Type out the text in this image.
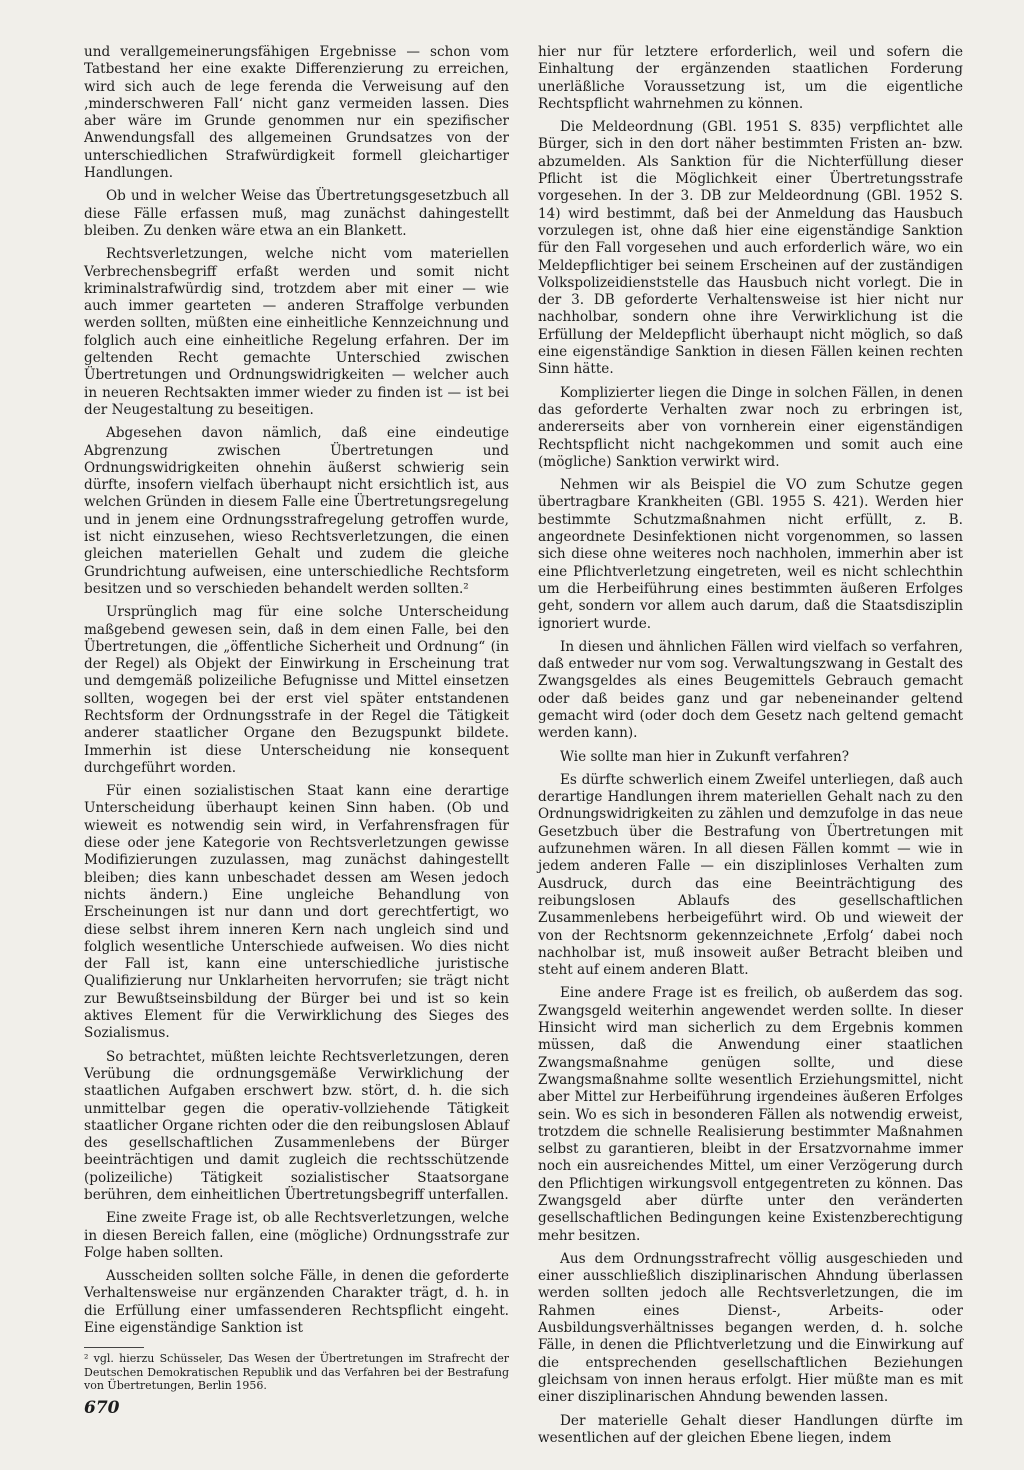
und verallgemeinerungsfähigen Ergebnisse — schon vom Tatbestand her eine exakte Differenzierung zu erreichen, wird sich auch de lege ferenda die Verweisung auf den ‚minderschweren Fall‘ nicht ganz vermeiden lassen. Dies aber wäre im Grunde genommen nur ein spezifischer Anwendungsfall des allgemeinen Grundsatzes von der unterschiedlichen Strafwürdigkeit formell gleichartiger Handlungen.

Ob und in welcher Weise das Übertretungsgesetzbuch all diese Fälle erfassen muß, mag zunächst dahingestellt bleiben. Zu denken wäre etwa an ein Blankett.

Rechtsverletzungen, welche nicht vom materiellen Verbrechensbegriff erfaßt werden und somit nicht kriminalstrafwürdig sind, trotzdem aber mit einer — wie auch immer gearteten — anderen Straffolge verbunden werden sollten, müßten eine einheitliche Kennzeichnung und folglich auch eine einheitliche Regelung erfahren. Der im geltenden Recht gemachte Unterschied zwischen Übertretungen und Ordnungswidrigkeiten — welcher auch in neueren Rechtsakten immer wieder zu finden ist — ist bei der Neugestaltung zu beseitigen.

Abgesehen davon nämlich, daß eine eindeutige Abgrenzung zwischen Übertretungen und Ordnungswidrigkeiten ohnehin äußerst schwierig sein dürfte, insofern vielfach überhaupt nicht ersichtlich ist, aus welchen Gründen in diesem Falle eine Übertretungsregelung und in jenem eine Ordnungsstrafregelung getroffen wurde, ist nicht einzusehen, wieso Rechtsverletzungen, die einen gleichen materiellen Gehalt und zudem die gleiche Grundrichtung aufweisen, eine unterschiedliche Rechtsform besitzen und so verschieden behandelt werden sollten.²

Ursprünglich mag für eine solche Unterscheidung maßgebend gewesen sein, daß in dem einen Falle, bei den Übertretungen, die „öffentliche Sicherheit und Ordnung“ (in der Regel) als Objekt der Einwirkung in Erscheinung trat und demgemäß polizeiliche Befugnisse und Mittel einsetzen sollten, wogegen bei der erst viel später entstandenen Rechtsform der Ordnungsstrafe in der Regel die Tätigkeit anderer staatlicher Organe den Bezugspunkt bildete. Immerhin ist diese Unterscheidung nie konsequent durchgeführt worden.

Für einen sozialistischen Staat kann eine derartige Unterscheidung überhaupt keinen Sinn haben. (Ob und wieweit es notwendig sein wird, in Verfahrensfragen für diese oder jene Kategorie von Rechtsverletzungen gewisse Modifizierungen zuzulassen, mag zunächst dahingestellt bleiben; dies kann unbeschadet dessen am Wesen jedoch nichts ändern.) Eine ungleiche Behandlung von Erscheinungen ist nur dann und dort gerechtfertigt, wo diese selbst ihrem inneren Kern nach ungleich sind und folglich wesentliche Unterschiede aufweisen. Wo dies nicht der Fall ist, kann eine unterschiedliche juristische Qualifizierung nur Unklarheiten hervorrufen; sie trägt nicht zur Bewußtseinsbildung der Bürger bei und ist so kein aktives Element für die Verwirklichung des Sieges des Sozialismus.

So betrachtet, müßten leichte Rechtsverletzungen, deren Verübung die ordnungsgemäße Verwirklichung der staatlichen Aufgaben erschwert bzw. stört, d. h. die sich unmittelbar gegen die operativ-vollziehende Tätigkeit staatlicher Organe richten oder die den reibungslosen Ablauf des gesellschaftlichen Zusammenlebens der Bürger beeinträchtigen und damit zugleich die rechtsschützende (polizeiliche) Tätigkeit sozialistischer Staatsorgane berühren, dem einheitlichen Übertretungsbegriff unterfallen.

Eine zweite Frage ist, ob alle Rechtsverletzungen, welche in diesen Bereich fallen, eine (mögliche) Ordnungsstrafe zur Folge haben sollten.

Ausscheiden sollten solche Fälle, in denen die geforderte Verhaltensweise nur ergänzenden Charakter trägt, d. h. in die Erfüllung einer umfassenderen Rechtspflicht eingeht. Eine eigenständige Sanktion ist

² vgl. hierzu Schüsseler, Das Wesen der Übertretungen im Strafrecht der Deutschen Demokratischen Republik und das Verfahren bei der Bestrafung von Übertretungen, Berlin 1956.

hier nur für letztere erforderlich, weil und sofern die Einhaltung der ergänzenden staatlichen Forderung unerläßliche Voraussetzung ist, um die eigentliche Rechtspflicht wahrnehmen zu können.

Die Meldeordnung (GBl. 1951 S. 835) verpflichtet alle Bürger, sich in den dort näher bestimmten Fristen an- bzw. abzumelden. Als Sanktion für die Nichterfüllung dieser Pflicht ist die Möglichkeit einer Übertretungsstrafe vorgesehen. In der 3. DB zur Meldeordnung (GBl. 1952 S. 14) wird bestimmt, daß bei der Anmeldung das Hausbuch vorzulegen ist, ohne daß hier eine eigenständige Sanktion für den Fall vorgesehen und auch erforderlich wäre, wo ein Meldepflichtiger bei seinem Erscheinen auf der zuständigen Volkspolizeidienststelle das Hausbuch nicht vorlegt. Die in der 3. DB geforderte Verhaltensweise ist hier nicht nur nachholbar, sondern ohne ihre Verwirklichung ist die Erfüllung der Meldepflicht überhaupt nicht möglich, so daß eine eigenständige Sanktion in diesen Fällen keinen rechten Sinn hätte.

Komplizierter liegen die Dinge in solchen Fällen, in denen das geforderte Verhalten zwar noch zu erbringen ist, andererseits aber von vornherein einer eigenständigen Rechtspflicht nicht nachgekommen und somit auch eine (mögliche) Sanktion verwirkt wird.

Nehmen wir als Beispiel die VO zum Schutze gegen übertragbare Krankheiten (GBl. 1955 S. 421). Werden hier bestimmte Schutzmaßnahmen nicht erfüllt, z. B. angeordnete Desinfektionen nicht vorgenommen, so lassen sich diese ohne weiteres noch nachholen, immerhin aber ist eine Pflichtverletzung eingetreten, weil es nicht schlechthin um die Herbeiführung eines bestimmten äußeren Erfolges geht, sondern vor allem auch darum, daß die Staatsdisziplin ignoriert wurde.

In diesen und ähnlichen Fällen wird vielfach so verfahren, daß entweder nur vom sog. Verwaltungszwang in Gestalt des Zwangsgeldes als eines Beugemittels Gebrauch gemacht oder daß beides ganz und gar nebeneinander geltend gemacht wird (oder doch dem Gesetz nach geltend gemacht werden kann).

Wie sollte man hier in Zukunft verfahren?

Es dürfte schwerlich einem Zweifel unterliegen, daß auch derartige Handlungen ihrem materiellen Gehalt nach zu den Ordnungswidrigkeiten zu zählen und demzufolge in das neue Gesetzbuch über die Bestrafung von Übertretungen mit aufzunehmen wären. In all diesen Fällen kommt — wie in jedem anderen Falle — ein disziplinloses Verhalten zum Ausdruck, durch das eine Beeinträchtigung des reibungslosen Ablaufs des gesellschaftlichen Zusammenlebens herbeigeführt wird. Ob und wieweit der von der Rechtsnorm gekennzeichnete ‚Erfolg‘ dabei noch nachholbar ist, muß insoweit außer Betracht bleiben und steht auf einem anderen Blatt.

Eine andere Frage ist es freilich, ob außerdem das sog. Zwangsgeld weiterhin angewendet werden sollte. In dieser Hinsicht wird man sicherlich zu dem Ergebnis kommen müssen, daß die Anwendung einer staatlichen Zwangsmaßnahme genügen sollte, und diese Zwangsmaßnahme sollte wesentlich Erziehungsmittel, nicht aber Mittel zur Herbeiführung irgendeines äußeren Erfolges sein. Wo es sich in besonderen Fällen als notwendig erweist, trotzdem die schnelle Realisierung bestimmter Maßnahmen selbst zu garantieren, bleibt in der Ersatzvornahme immer noch ein ausreichendes Mittel, um einer Verzögerung durch den Pflichtigen wirkungsvoll entgegentreten zu können. Das Zwangsgeld aber dürfte unter den veränderten gesellschaftlichen Bedingungen keine Existenzberechtigung mehr besitzen.

Aus dem Ordnungsstrafrecht völlig ausgeschieden und einer ausschließlich disziplinarischen Ahndung überlassen werden sollten jedoch alle Rechtsverletzungen, die im Rahmen eines Dienst-, Arbeits- oder Ausbildungsverhältnisses begangen werden, d. h. solche Fälle, in denen die Pflichtverletzung und die Einwirkung auf die entsprechenden gesellschaftlichen Beziehungen gleichsam von innen heraus erfolgt. Hier müßte man es mit einer disziplinarischen Ahndung bewenden lassen.

Der materielle Gehalt dieser Handlungen dürfte im wesentlichen auf der gleichen Ebene liegen, indem

670
